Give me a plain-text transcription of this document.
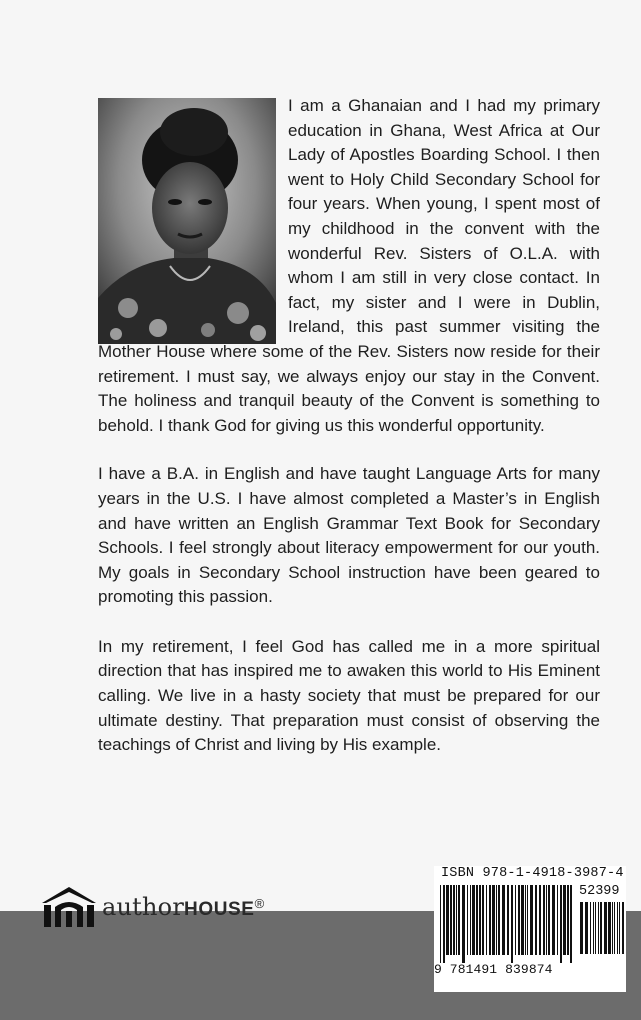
I am a Ghanaian and I had my primary education in Ghana, West Africa at Our Lady of Apostles Boarding School. I then went to Holy Child Secondary School for four years. When young, I spent most of my childhood in the convent with the wonderful Rev. Sisters of O.L.A. with whom I am still in very close contact. In fact, my sister and I were in Dublin, Ireland, this past summer visiting the Mother House where some of the Rev. Sisters now reside for their retirement. I must say, we always enjoy our stay in the Convent. The holiness and tranquil beauty of the Convent is something to behold. I thank God for giving us this wonderful opportunity.

I have a B.A. in English and have taught Language Arts for many years in the U.S. I have almost completed a Master’s in English and have written an English Grammar Text Book for Secondary Schools. I feel strongly about literacy empowerment for our youth. My goals in Secondary School instruction have been geared to promoting this passion.

In my retirement, I feel God has called me in a more spiritual direction that has inspired me to awaken this world to His Eminent calling. We live in a hasty society that must be prepared for our ultimate destiny. That preparation must consist of observing the teachings of Christ and living by His example.

authorHOUSE®
ISBN 978-1-4918-3987-4
52399
9 781491 839874
